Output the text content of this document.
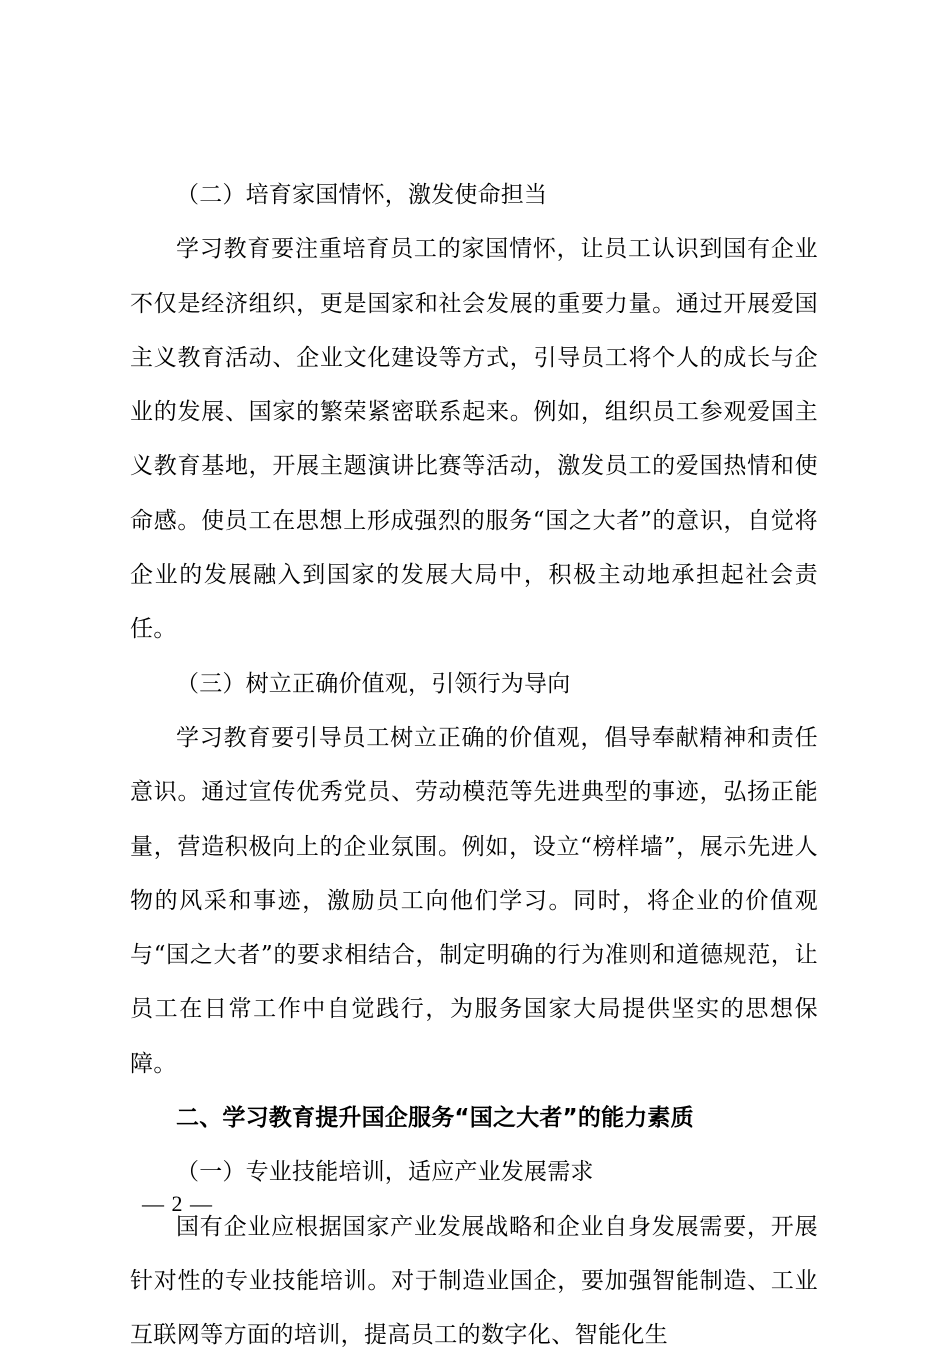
（二）培育家国情怀，激发使命担当

学习教育要注重培育员工的家国情怀，让员工认识到国有企业不仅是经济组织，更是国家和社会发展的重要力量。通过开展爱国主义教育活动、企业文化建设等方式，引导员工将个人的成长与企业的发展、国家的繁荣紧密联系起来。例如，组织员工参观爱国主义教育基地，开展主题演讲比赛等活动，激发员工的爱国热情和使命感。使员工在思想上形成强烈的服务“国之大者”的意识，自觉将企业的发展融入到国家的发展大局中，积极主动地承担起社会责任。

（三）树立正确价值观，引领行为导向

学习教育要引导员工树立正确的价值观，倡导奉献精神和责任意识。通过宣传优秀党员、劳动模范等先进典型的事迹，弘扬正能量，营造积极向上的企业氛围。例如，设立“榜样墙”，展示先进人物的风采和事迹，激励员工向他们学习。同时，将企业的价值观与“国之大者”的要求相结合，制定明确的行为准则和道德规范，让员工在日常工作中自觉践行，为服务国家大局提供坚实的思想保障。

二、学习教育提升国企服务“国之大者”的能力素质

（一）专业技能培训，适应产业发展需求

国有企业应根据国家产业发展战略和企业自身发展需要，开展针对性的专业技能培训。对于制造业国企，要加强智能制造、工业互联网等方面的培训，提高员工的数字化、智能化生

— 2 —
